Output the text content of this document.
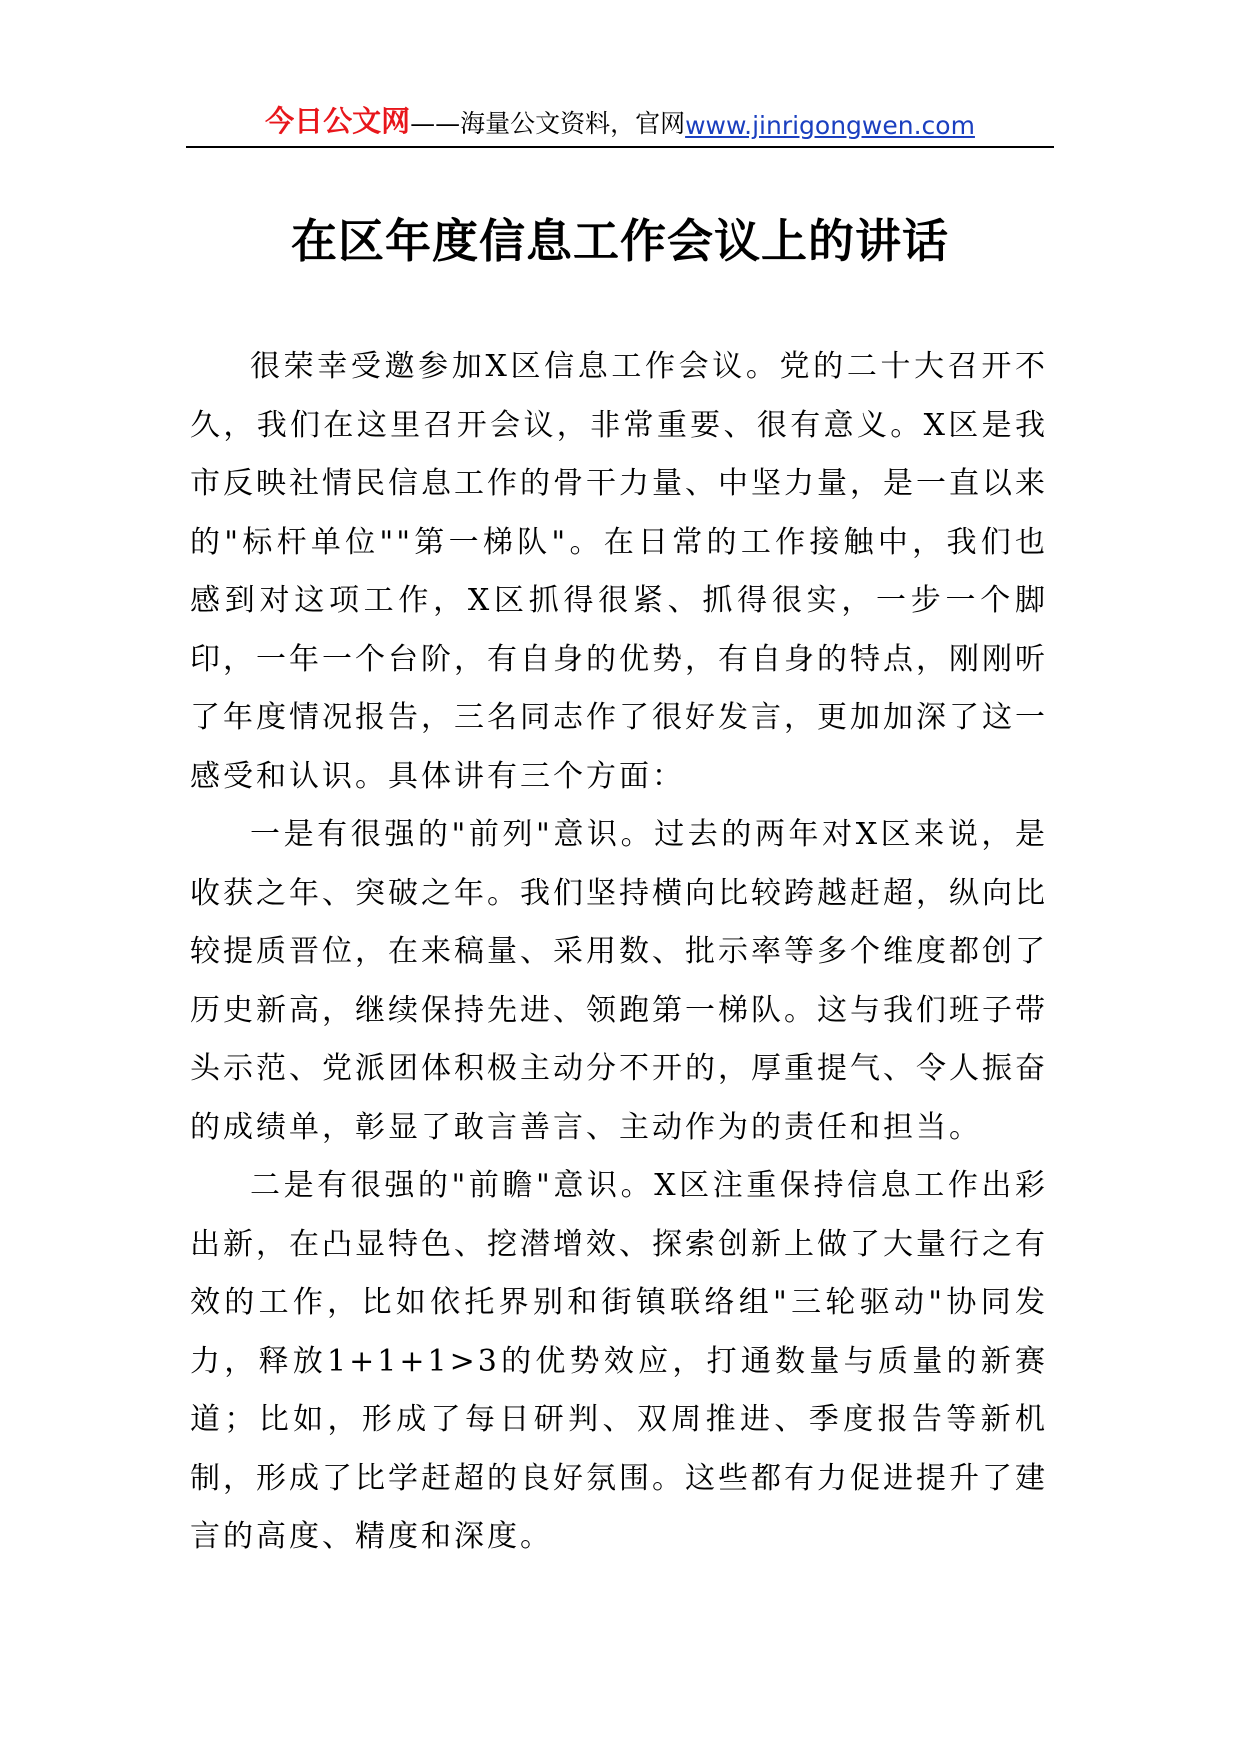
今日公文网 ——海量公文资料，官网 www.jinrigongwen.com
在区年度信息工作会议上的讲话

很荣幸受邀参加X区信息工作会议。党的二十大召开不久，我们在这里召开会议，非常重要、很有意义。X区是我市反映社情民信息工作的骨干力量、中坚力量，是一直以来的"标杆单位""第一梯队"。在日常的工作接触中，我们也感到对这项工作，X区抓得很紧、抓得很实，一步一个脚印，一年一个台阶，有自身的优势，有自身的特点，刚刚听了年度情况报告，三名同志作了很好发言，更加加深了这一感受和认识。具体讲有三个方面：

一是有很强的"前列"意识。过去的两年对X区来说，是收获之年、突破之年。我们坚持横向比较跨越赶超，纵向比较提质晋位，在来稿量、采用数、批示率等多个维度都创了历史新高，继续保持先进、领跑第一梯队。这与我们班子带头示范、党派团体积极主动分不开的，厚重提气、令人振奋的成绩单，彰显了敢言善言、主动作为的责任和担当。

二是有很强的"前瞻"意识。X区注重保持信息工作出彩出新，在凸显特色、挖潜增效、探索创新上做了大量行之有效的工作，比如依托界别和街镇联络组"三轮驱动"协同发力，释放1+1+1>3的优势效应，打通数量与质量的新赛道；比如，形成了每日研判、双周推进、季度报告等新机制，形成了比学赶超的良好氛围。这些都有力促进提升了建言的高度、精度和深度。
